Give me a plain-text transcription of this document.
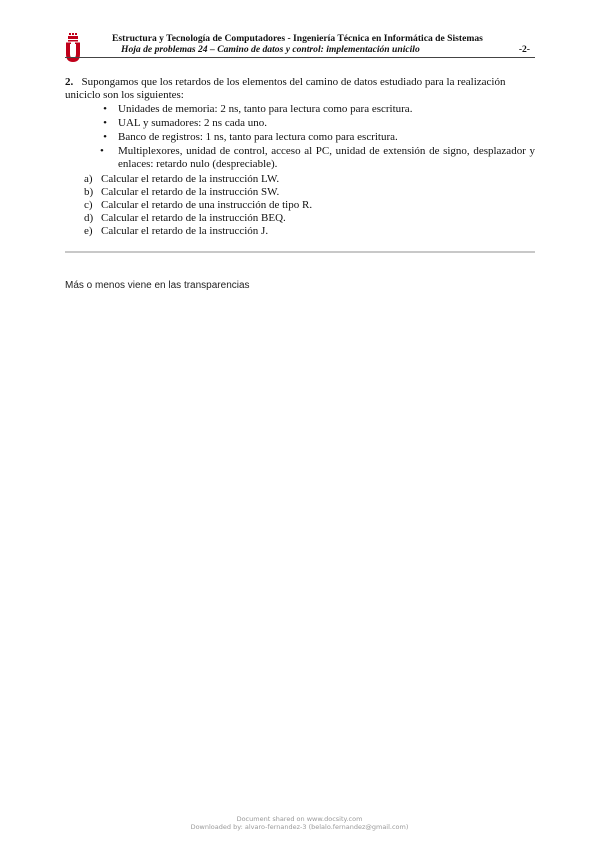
Estructura y Tecnología de Computadores - Ingeniería Técnica en Informática de Sistemas
Hoja de problemas 24 – Camino de datos y control: implementación unicilo	-2-
2. Supongamos que los retardos de los elementos del camino de datos estudiado para la realización uniciclo son los siguientes:
• Unidades de memoria: 2 ns, tanto para lectura como para escritura.
• UAL y sumadores: 2 ns cada uno.
• Banco de registros: 1 ns, tanto para lectura como para escritura.
•	Multiplexores, unidad de control, acceso al PC, unidad de extensión de signo, desplazador y enlaces: retardo nulo (despreciable).
a) Calcular el retardo de la instrucción LW.
b) Calcular el retardo de la instrucción SW.
c) Calcular el retardo de una instrucción de tipo R.
d) Calcular el retardo de la instrucción BEQ.
e) Calcular el retardo de la instrucción J.
Más o menos viene en las transparencias
Document shared on www.docsity.com
Downloaded by: alvaro-fernandez-3 (belalo.fernandez@gmail.com)
